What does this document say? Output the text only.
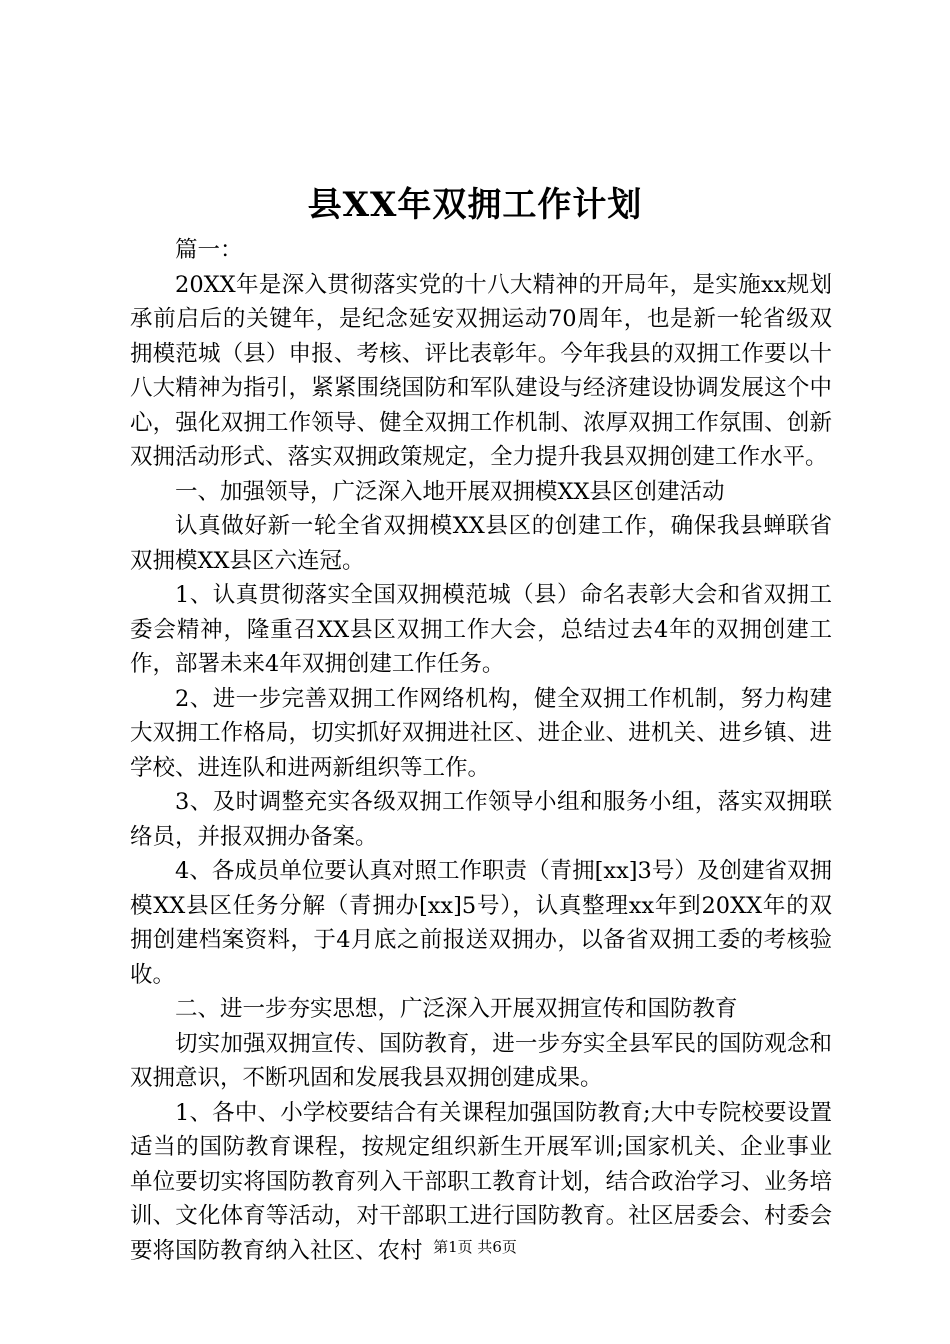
县XX年双拥工作计划

篇一：

20XX年是深入贯彻落实党的十八大精神的开局年，是实施xx规划承前启后的关键年，是纪念延安双拥运动70周年，也是新一轮省级双拥模范城（县）申报、考核、评比表彰年。今年我县的双拥工作要以十八大精神为指引，紧紧围绕国防和军队建设与经济建设协调发展这个中心，强化双拥工作领导、健全双拥工作机制、浓厚双拥工作氛围、创新双拥活动形式、落实双拥政策规定，全力提升我县双拥创建工作水平。

一、加强领导，广泛深入地开展双拥模XX县区创建活动

认真做好新一轮全省双拥模XX县区的创建工作，确保我县蝉联省双拥模XX县区六连冠。

1、认真贯彻落实全国双拥模范城（县）命名表彰大会和省双拥工委会精神，隆重召XX县区双拥工作大会，总结过去4年的双拥创建工作，部署未来4年双拥创建工作任务。

2、进一步完善双拥工作网络机构，健全双拥工作机制，努力构建大双拥工作格局，切实抓好双拥进社区、进企业、进机关、进乡镇、进学校、进连队和进两新组织等工作。

3、及时调整充实各级双拥工作领导小组和服务小组，落实双拥联络员，并报双拥办备案。

4、各成员单位要认真对照工作职责（青拥[xx]3号）及创建省双拥模XX县区任务分解（青拥办[xx]5号），认真整理xx年到20XX年的双拥创建档案资料，于4月底之前报送双拥办，以备省双拥工委的考核验收。

二、进一步夯实思想，广泛深入开展双拥宣传和国防教育

切实加强双拥宣传、国防教育，进一步夯实全县军民的国防观念和双拥意识，不断巩固和发展我县双拥创建成果。

1、各中、小学校要结合有关课程加强国防教育;大中专院校要设置适当的国防教育课程，按规定组织新生开展军训;国家机关、企业事业单位要切实将国防教育列入干部职工教育计划，结合政治学习、业务培训、文化体育等活动，对干部职工进行国防教育。社区居委会、村委会要将国防教育纳入社区、农村 第1页 共6页
